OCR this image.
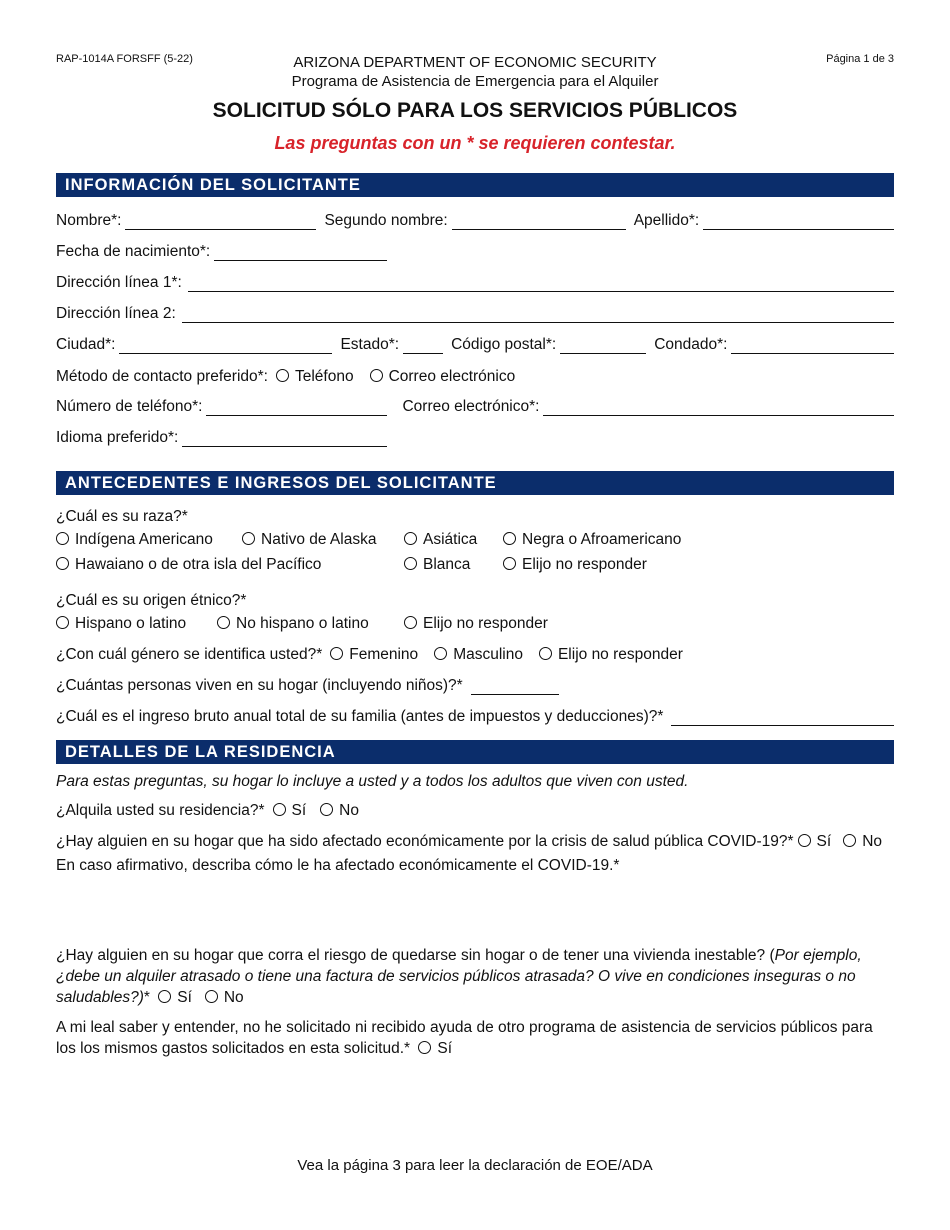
RAP-1014A FORSFF (5-22)	Página 1 de 3
ARIZONA DEPARTMENT OF ECONOMIC SECURITY
Programa de Asistencia de Emergencia para el Alquiler
SOLICITUD SÓLO PARA LOS SERVICIOS PÚBLICOS
Las preguntas con un * se requieren contestar.
INFORMACIÓN DEL SOLICITANTE
Nombre*:	Segundo nombre:	Apellido*:
Fecha de nacimiento*:
Dirección línea 1*:
Dirección línea 2:
Ciudad*:	Estado*:	Código postal*:	Condado*:
Método de contacto preferido*: Teléfono Correo electrónico
Número de teléfono*:	Correo electrónico*:
Idioma preferido*:
ANTECEDENTES E INGRESOS DEL SOLICITANTE
¿Cuál es su raza?*
Indígena Americano	Nativo de Alaska	Asiática	Negra o Afroamericano
Hawaiano o de otra isla del Pacífico	Blanca	Elijo no responder
¿Cuál es su origen étnico?*
Hispano o latino	No hispano o latino	Elijo no responder
¿Con cuál género se identifica usted?* Femenino Masculino Elijo no responder
¿Cuántas personas viven en su hogar (incluyendo niños)?*
¿Cuál es el ingreso bruto anual total de su familia (antes de impuestos y deducciones)?*
DETALLES DE LA RESIDENCIA
Para estas preguntas, su hogar lo incluye a usted y a todos los adultos que viven con usted.
¿Alquila usted su residencia?* Sí No
¿Hay alguien en su hogar que ha sido afectado económicamente por la crisis de salud pública COVID-19?* Sí No
En caso afirmativo, describa cómo le ha afectado económicamente el COVID-19.*
¿Hay alguien en su hogar que corra el riesgo de quedarse sin hogar o de tener una vivienda inestable? (Por ejemplo, ¿debe un alquiler atrasado o tiene una factura de servicios públicos atrasada? O vive en condiciones inseguras o no saludables?)* Sí
No
A mi leal saber y entender, no he solicitado ni recibido ayuda de otro programa de asistencia de servicios públicos para los los mismos gastos solicitados en esta solicitud.* Sí
Vea la página 3 para leer la declaración de EOE/ADA
